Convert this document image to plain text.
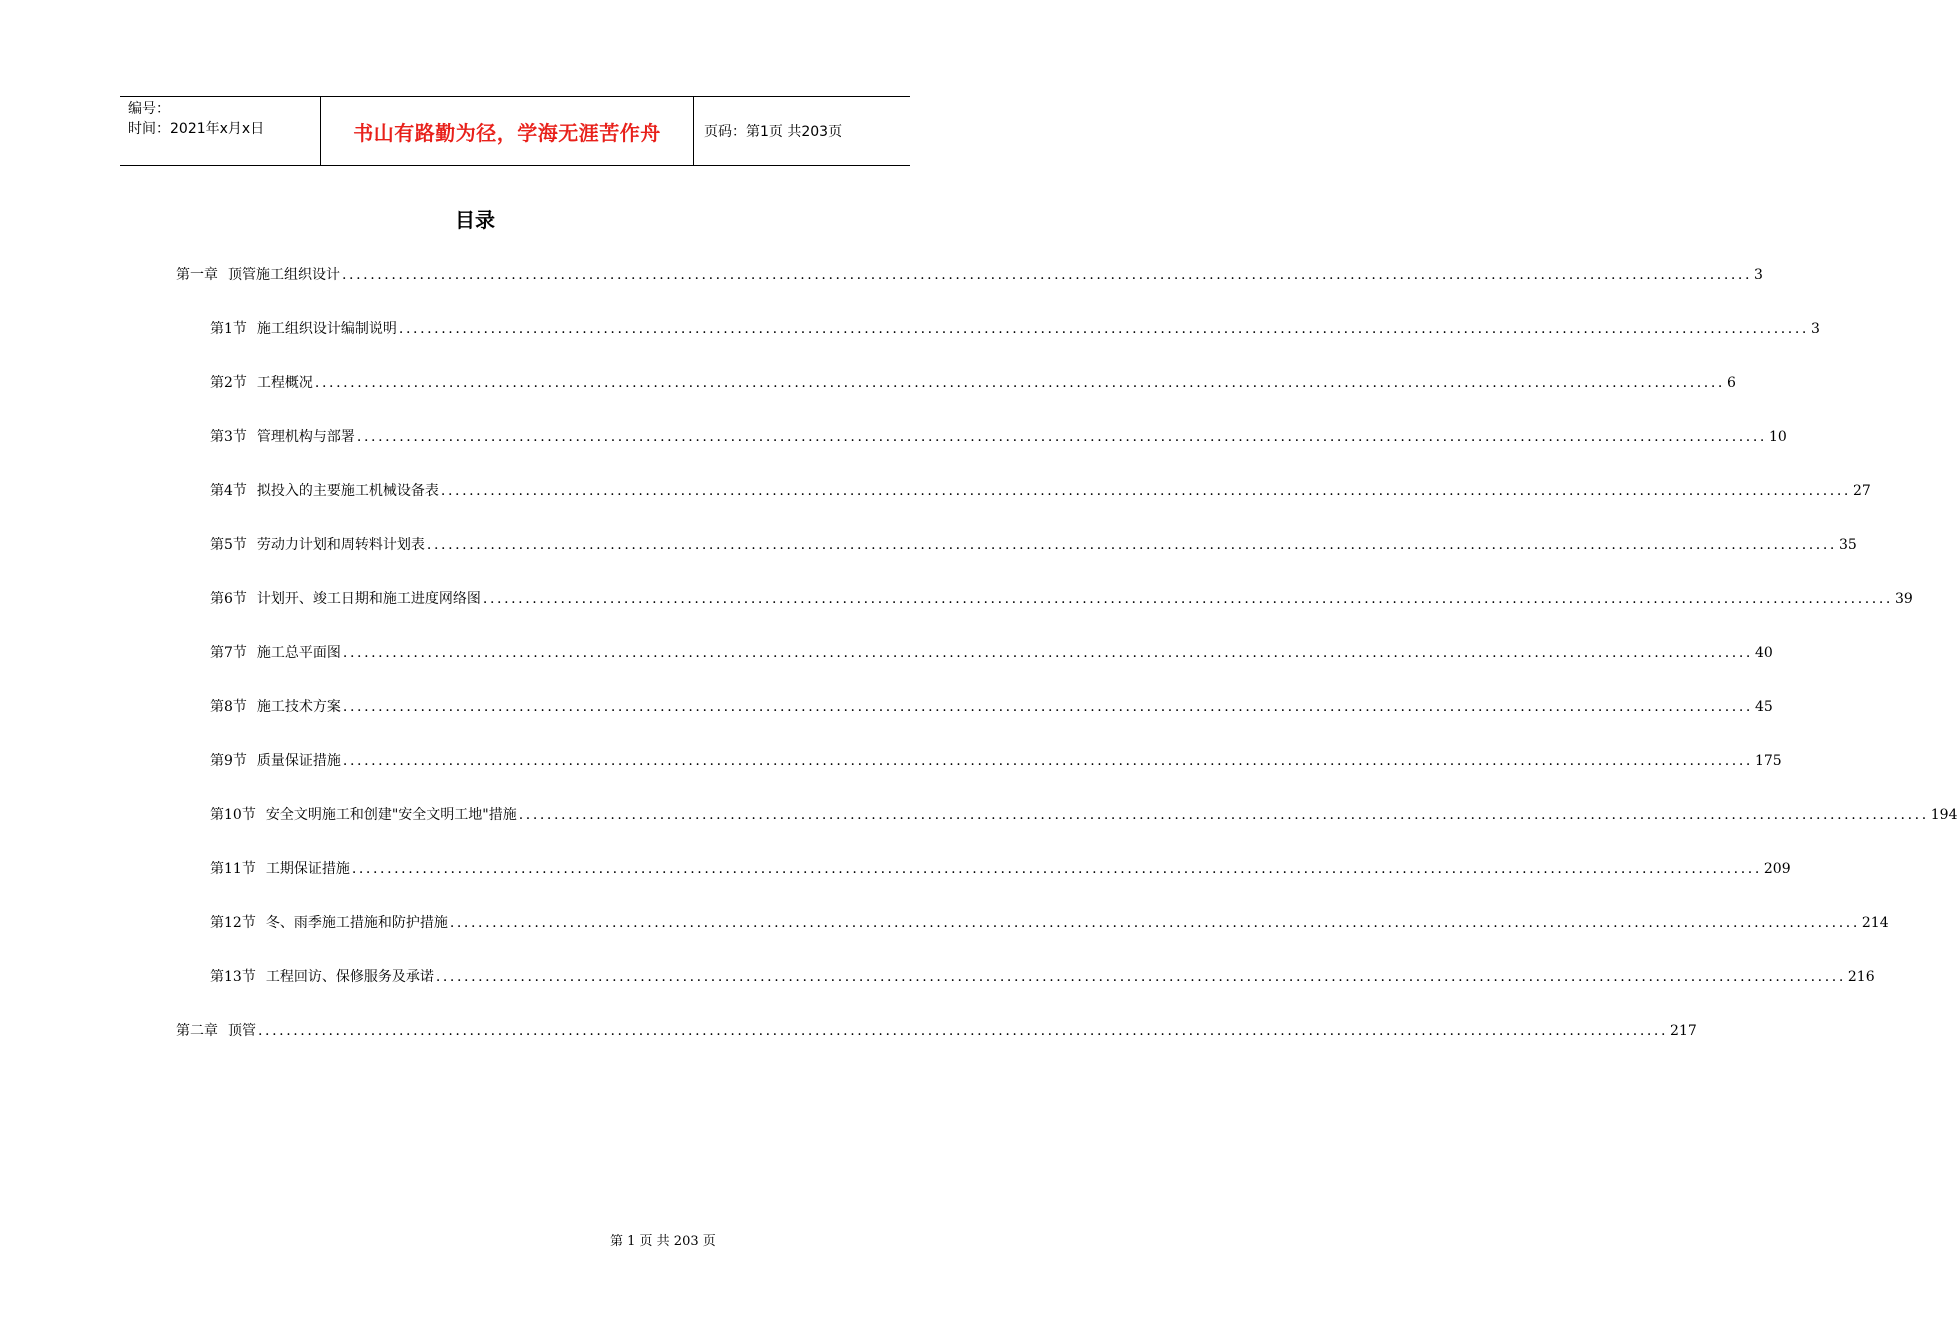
编号：
时间：2021年x月x日	书山有路勤为径，学海无涯苦作舟	页码：第1页 共203页
目录
第一章 顶管施工组织设计 ........................................................................................................................................................................................................ 3
第1节 施工组织设计编制说明 ........................................................................................................................................................................................................ 3
第2节 工程概况 ........................................................................................................................................................................................................ 6
第3节 管理机构与部署 ........................................................................................................................................................................................................ 10
第4节 拟投入的主要施工机械设备表 ........................................................................................................................................................................................................ 27
第5节 劳动力计划和周转料计划表 ........................................................................................................................................................................................................ 35
第6节 计划开、竣工日期和施工进度网络图 ........................................................................................................................................................................................................ 39
第7节 施工总平面图 ........................................................................................................................................................................................................ 40
第8节 施工技术方案 ........................................................................................................................................................................................................ 45
第9节 质量保证措施 ........................................................................................................................................................................................................ 175
第10节 安全文明施工和创建"安全文明工地"措施 ........................................................................................................................................................................................................ 194
第11节 工期保证措施 ........................................................................................................................................................................................................ 209
第12节 冬、雨季施工措施和防护措施 ........................................................................................................................................................................................................ 214
第13节 工程回访、保修服务及承诺 ........................................................................................................................................................................................................ 216
第二章 顶管 ........................................................................................................................................................................................................ 217
第 1 页 共 203 页
